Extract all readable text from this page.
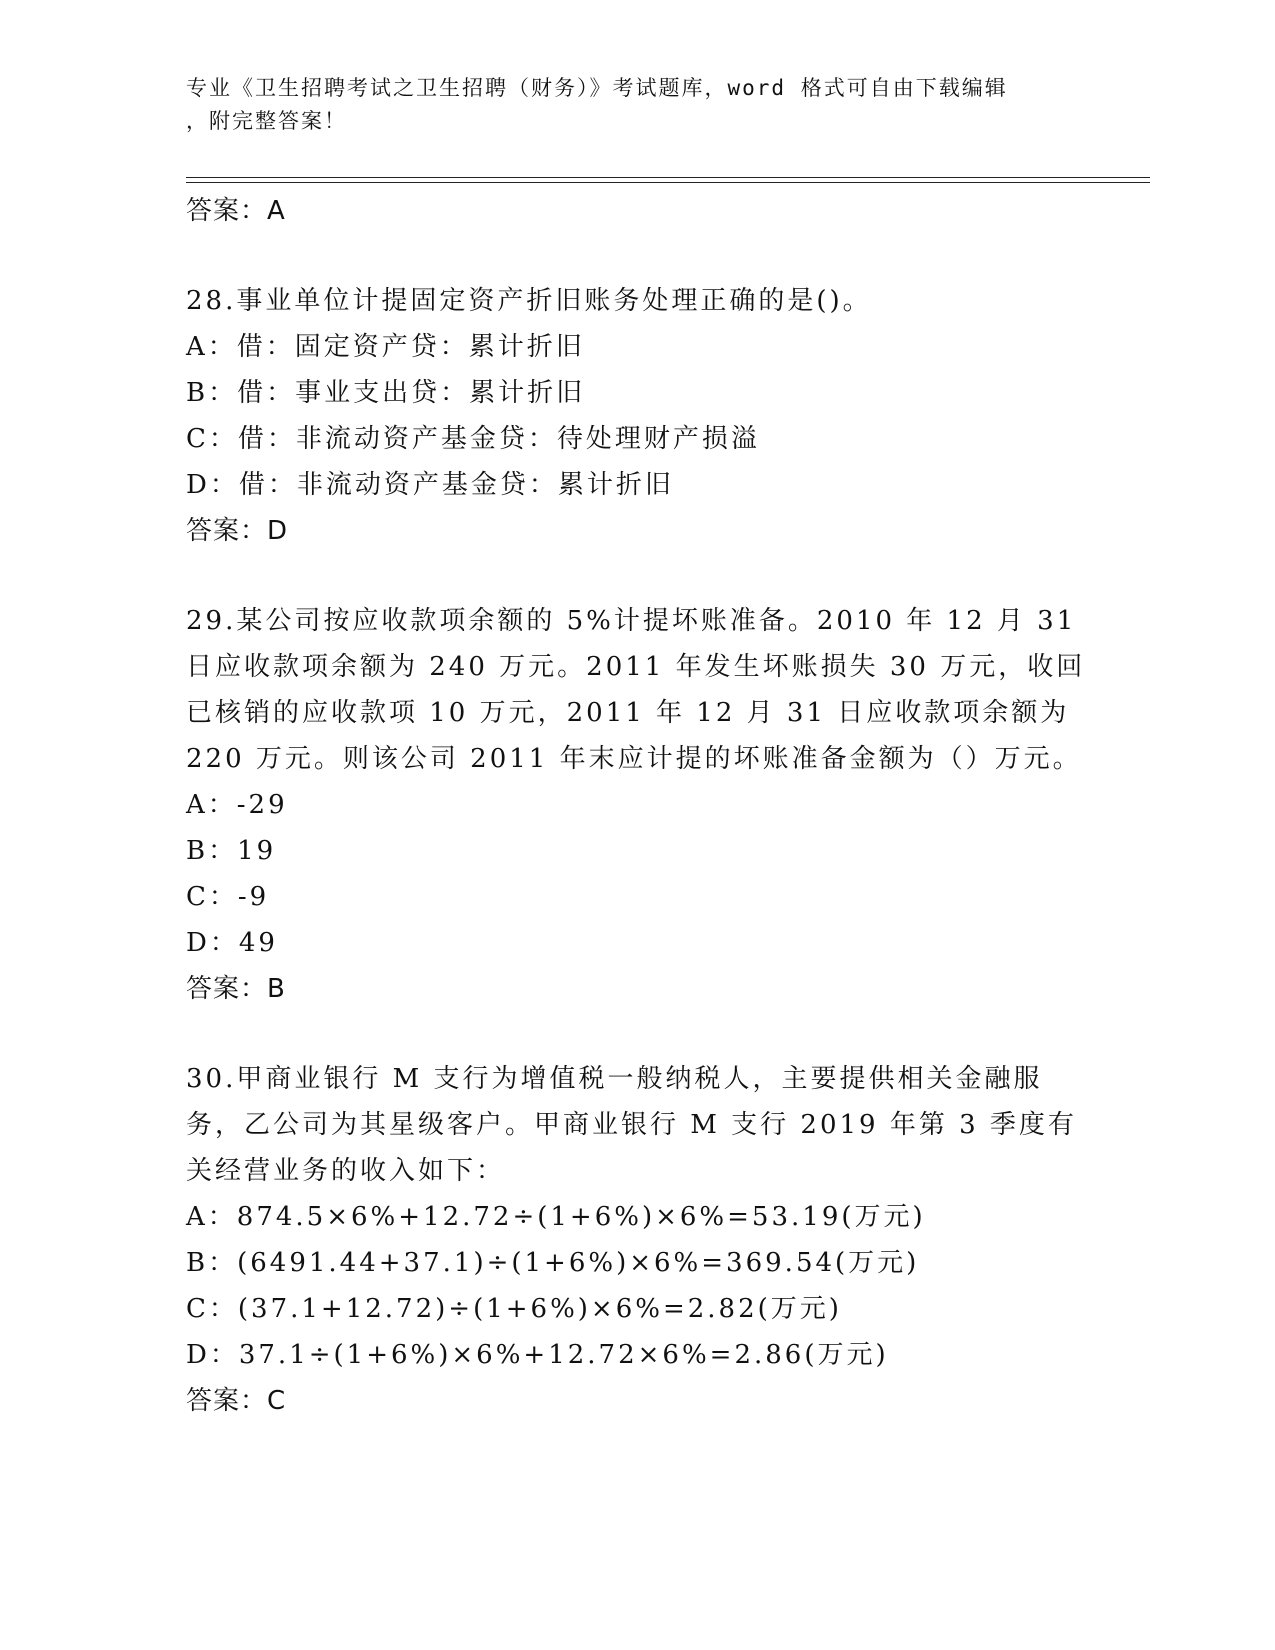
专业《卫生招聘考试之卫生招聘（财务）》考试题库，word 格式可自由下载编辑
，附完整答案！
答案：A
28.事业单位计提固定资产折旧账务处理正确的是()。
A：借：固定资产贷：累计折旧
B：借：事业支出贷：累计折旧
C：借：非流动资产基金贷：待处理财产损溢
D：借：非流动资产基金贷：累计折旧
答案：D
29.某公司按应收款项余额的 5%计提坏账准备。2010 年 12 月 31 日应收款项余额为 240 万元。2011 年发生坏账损失 30 万元，收回已核销的应收款项 10 万元，2011 年 12 月 31 日应收款项余额为 220 万元。则该公司 2011 年末应计提的坏账准备金额为（）万元。
A：-29
B：19
C：-9
D：49
答案：B
30.甲商业银行 M 支行为增值税一般纳税人，主要提供相关金融服务，乙公司为其星级客户。甲商业银行 M 支行 2019 年第 3 季度有关经营业务的收入如下：
A：874.5×6%+12.72÷(1+6%)×6%=53.19(万元)
B：(6491.44+37.1)÷(1+6%)×6%=369.54(万元)
C：(37.1+12.72)÷(1+6%)×6%=2.82(万元)
D：37.1÷(1+6%)×6%+12.72×6%=2.86(万元)
答案：C
